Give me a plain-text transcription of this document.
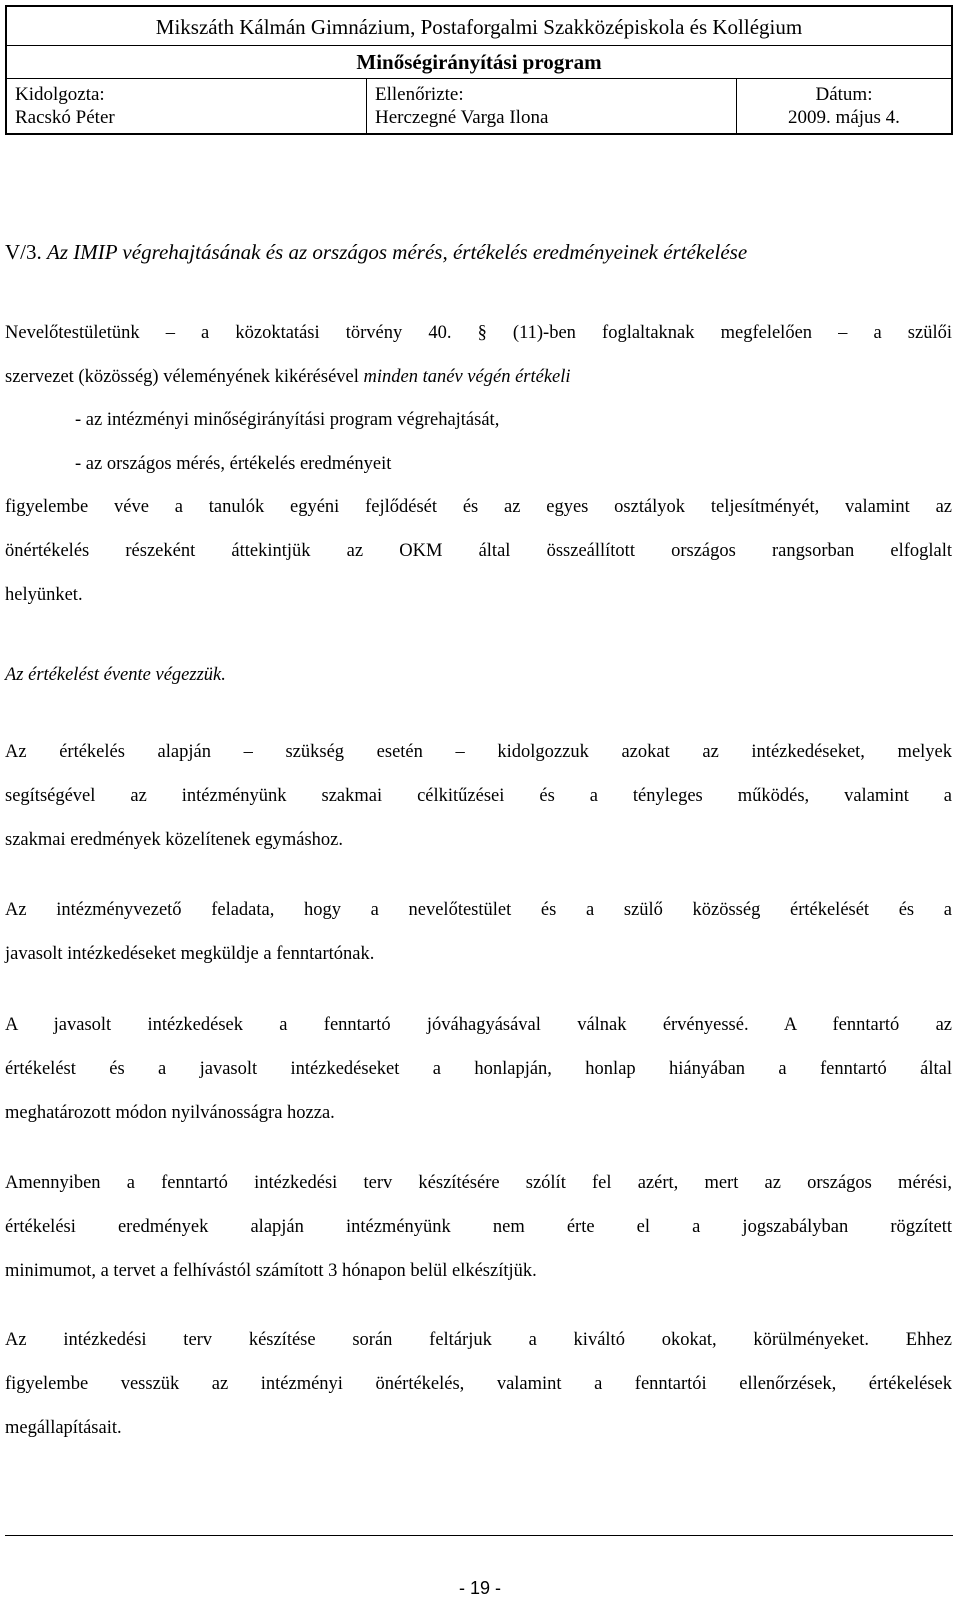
Mikszáth Kálmán Gimnázium, Postaforgalmi Szakközépiskola és Kollégium
Minőségirányítási program
Kidolgozta:
Racskó Péter
Ellenőrizte:
Herczegné Varga Ilona
Dátum:
2009. május 4.
V/3. Az IMIP végrehajtásának és az országos mérés, értékelés eredményeinek értékelése
Nevelőtestületünk – a közoktatási törvény 40. § (11)-ben foglaltaknak megfelelően – a szülői
szervezet (közösség) véleményének kikérésével minden tanév végén értékeli
- az intézményi minőségirányítási program végrehajtását,
- az országos mérés, értékelés eredményeit
figyelembe véve a tanulók egyéni fejlődését és az egyes osztályok teljesítményét, valamint az
önértékelés részeként áttekintjük az OKM által összeállított országos rangsorban elfoglalt
helyünket.
Az értékelést évente végezzük.
Az értékelés alapján – szükség esetén – kidolgozzuk azokat az intézkedéseket, melyek
segítségével az intézményünk szakmai célkitűzései és a tényleges működés, valamint a
szakmai eredmények közelítenek egymáshoz.
Az intézményvezető feladata, hogy a nevelőtestület és a szülő közösség értékelését és a
javasolt intézkedéseket megküldje a fenntartónak.
A javasolt intézkedések a fenntartó jóváhagyásával válnak érvényessé. A fenntartó az
értékelést és a javasolt intézkedéseket a honlapján, honlap hiányában a fenntartó által
meghatározott módon nyilvánosságra hozza.
Amennyiben a fenntartó intézkedési terv készítésére szólít fel azért, mert az országos mérési,
értékelési eredmények alapján intézményünk nem érte el a jogszabályban rögzített
minimumot, a tervet a felhívástól számított 3 hónapon belül elkészítjük.
Az intézkedési terv készítése során feltárjuk a kiváltó okokat, körülményeket. Ehhez
figyelembe vesszük az intézményi önértékelés, valamint a fenntartói ellenőrzések, értékelések
megállapításait.
- 19 -
